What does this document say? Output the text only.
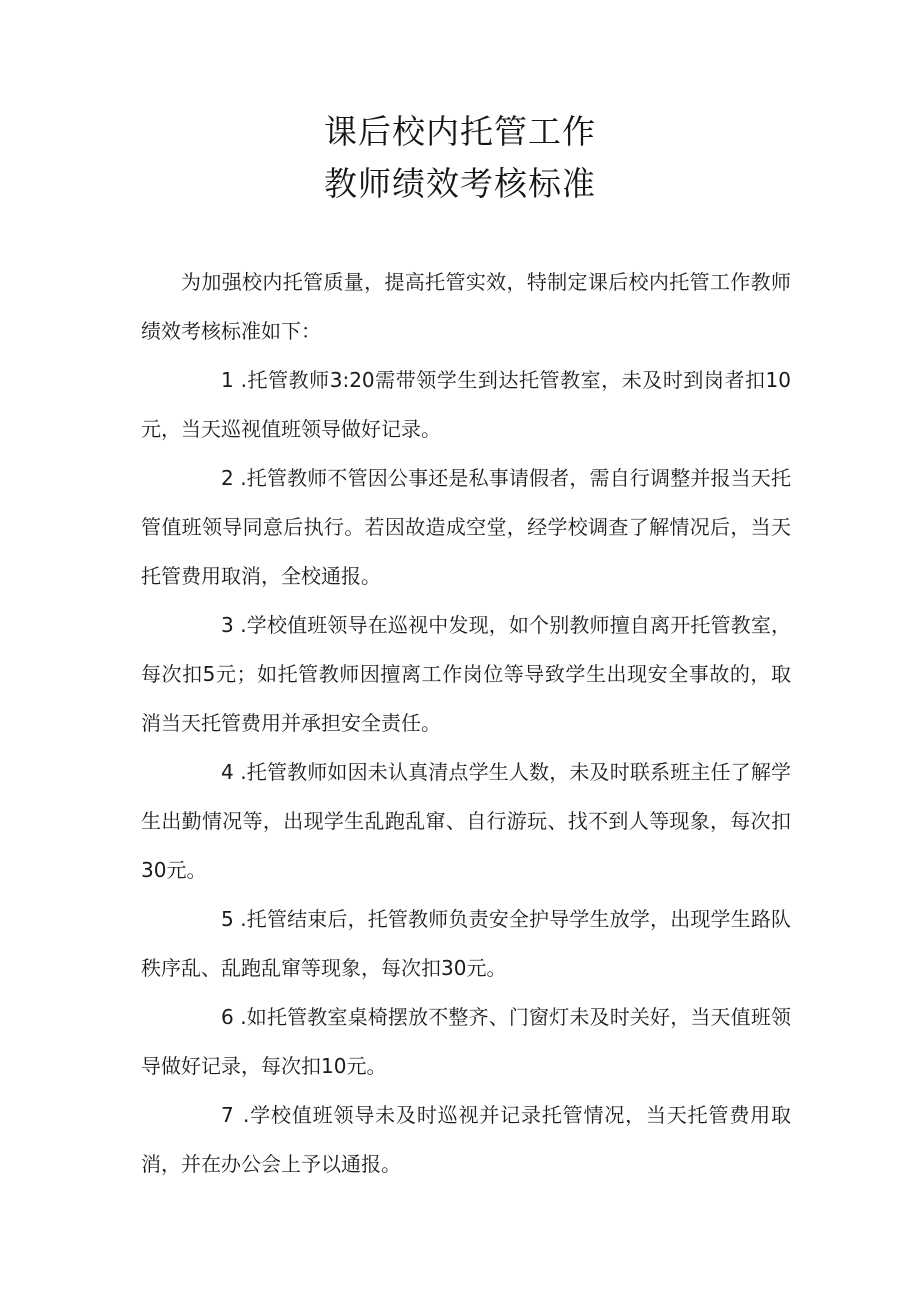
课后校内托管工作
教师绩效考核标准

为加强校内托管质量，提高托管实效，特制定课后校内托管工作教师绩效考核标准如下：

1 .托管教师3:20需带领学生到达托管教室，未及时到岗者扣10元，当天巡视值班领导做好记录。

2 .托管教师不管因公事还是私事请假者，需自行调整并报当天托管值班领导同意后执行。若因故造成空堂，经学校调查了解情况后，当天托管费用取消，全校通报。

3 .学校值班领导在巡视中发现，如个别教师擅自离开托管教室，每次扣5元；如托管教师因擅离工作岗位等导致学生出现安全事故的，取消当天托管费用并承担安全责任。

4 .托管教师如因未认真清点学生人数，未及时联系班主任了解学生出勤情况等，出现学生乱跑乱窜、自行游玩、找不到人等现象，每次扣30元。

5 .托管结束后，托管教师负责安全护导学生放学，出现学生路队秩序乱、乱跑乱窜等现象，每次扣30元。

6 .如托管教室桌椅摆放不整齐、门窗灯未及时关好，当天值班领导做好记录，每次扣10元。

7 .学校值班领导未及时巡视并记录托管情况，当天托管费用取消，并在办公会上予以通报。
